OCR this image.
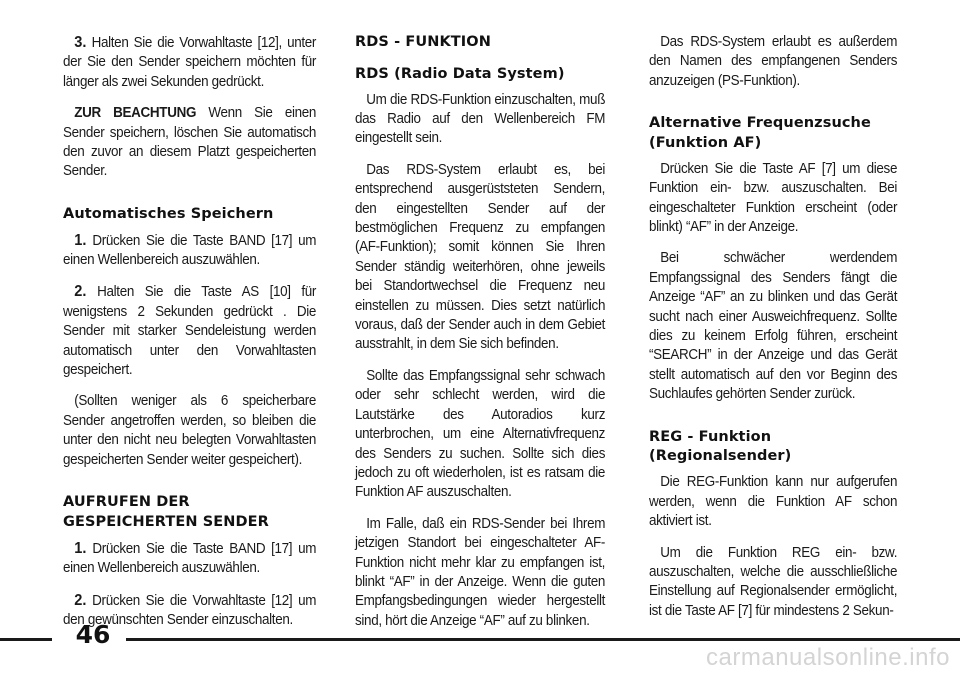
3. Halten Sie die Vorwahltaste [12], unter der Sie den Sender speichern möchten für länger als zwei Sekunden gedrückt.

ZUR BEACHTUNG Wenn Sie einen Sender speichern, löschen Sie automatisch den zuvor an diesem Platzt gespeicherten Sender.

Automatisches Speichern

1. Drücken Sie die Taste BAND [17] um einen Wellenbereich auszuwählen.

2. Halten Sie die Taste AS [10] für wenigstens 2 Sekunden gedrückt . Die Sender mit starker Sendeleistung werden automatisch unter den Vorwahltasten gespeichert.

(Sollten weniger als 6 speicherbare Sender angetroffen werden, so bleiben die unter den nicht neu belegten Vorwahltasten gespeicherten Sender weiter gespeichert).

AUFRUFEN DER GESPEICHERTEN SENDER

1. Drücken Sie die Taste BAND [17] um einen Wellenbereich auszuwählen.

2. Drücken Sie die Vorwahltaste [12] um den gewünschten Sender einzuschalten.

RDS - FUNKTION
RDS (Radio Data System)

Um die RDS-Funktion einzuschalten, muß das Radio auf den Wellenbereich FM eingestellt sein.

Das RDS-System erlaubt es, bei entsprechend ausgerüststeten Sendern, den eingestellten Sender auf der bestmöglichen Frequenz zu empfangen (AF-Funktion); somit können Sie Ihren Sender ständig weiterhören, ohne jeweils bei Standortwechsel die Frequenz neu einstellen zu müssen. Dies setzt natürlich voraus, daß der Sender auch in dem Gebiet ausstrahlt, in dem Sie sich befinden.

Sollte das Empfangssignal sehr schwach oder sehr schlecht werden, wird die Lautstärke des Autoradios kurz unterbrochen, um eine Alternativfrequenz des Senders zu suchen. Sollte sich dies jedoch zu oft wiederholen, ist es ratsam die Funktion AF auszuschalten.

Im Falle, daß ein RDS-Sender bei Ihrem jetzigen Standort bei eingeschalteter AF-Funktion nicht mehr klar zu empfangen ist, blinkt “AF” in der Anzeige. Wenn die guten Empfangsbedingungen wieder hergestellt sind, hört die Anzeige “AF” auf zu blinken.

Das RDS-System erlaubt es außerdem den Namen des empfangenen Senders anzuzeigen (PS-Funktion).

Alternative Frequenzsuche (Funktion AF)

Drücken Sie die Taste AF [7] um diese Funktion ein- bzw. auszuschalten. Bei eingeschalteter Funktion erscheint (oder blinkt) “AF” in der Anzeige.

Bei schwächer werdendem Empfangssignal des Senders fängt die Anzeige “AF” an zu blinken und das Gerät sucht nach einer Ausweichfrequenz. Sollte dies zu keinem Erfolg führen, erscheint “SEARCH” in der Anzeige und das Gerät stellt automatisch auf den vor Beginn des Suchlaufes gehörten Sender zurück.

REG - Funktion (Regionalsender)

Die REG-Funktion kann nur aufgerufen werden, wenn die Funktion AF schon aktiviert ist.

Um die Funktion REG ein- bzw. auszuschalten, welche die ausschließliche Einstellung auf Regionalsender ermöglicht, ist die Taste AF [7] für mindestens 2 Sekun-

46
carmanualsonline.info
